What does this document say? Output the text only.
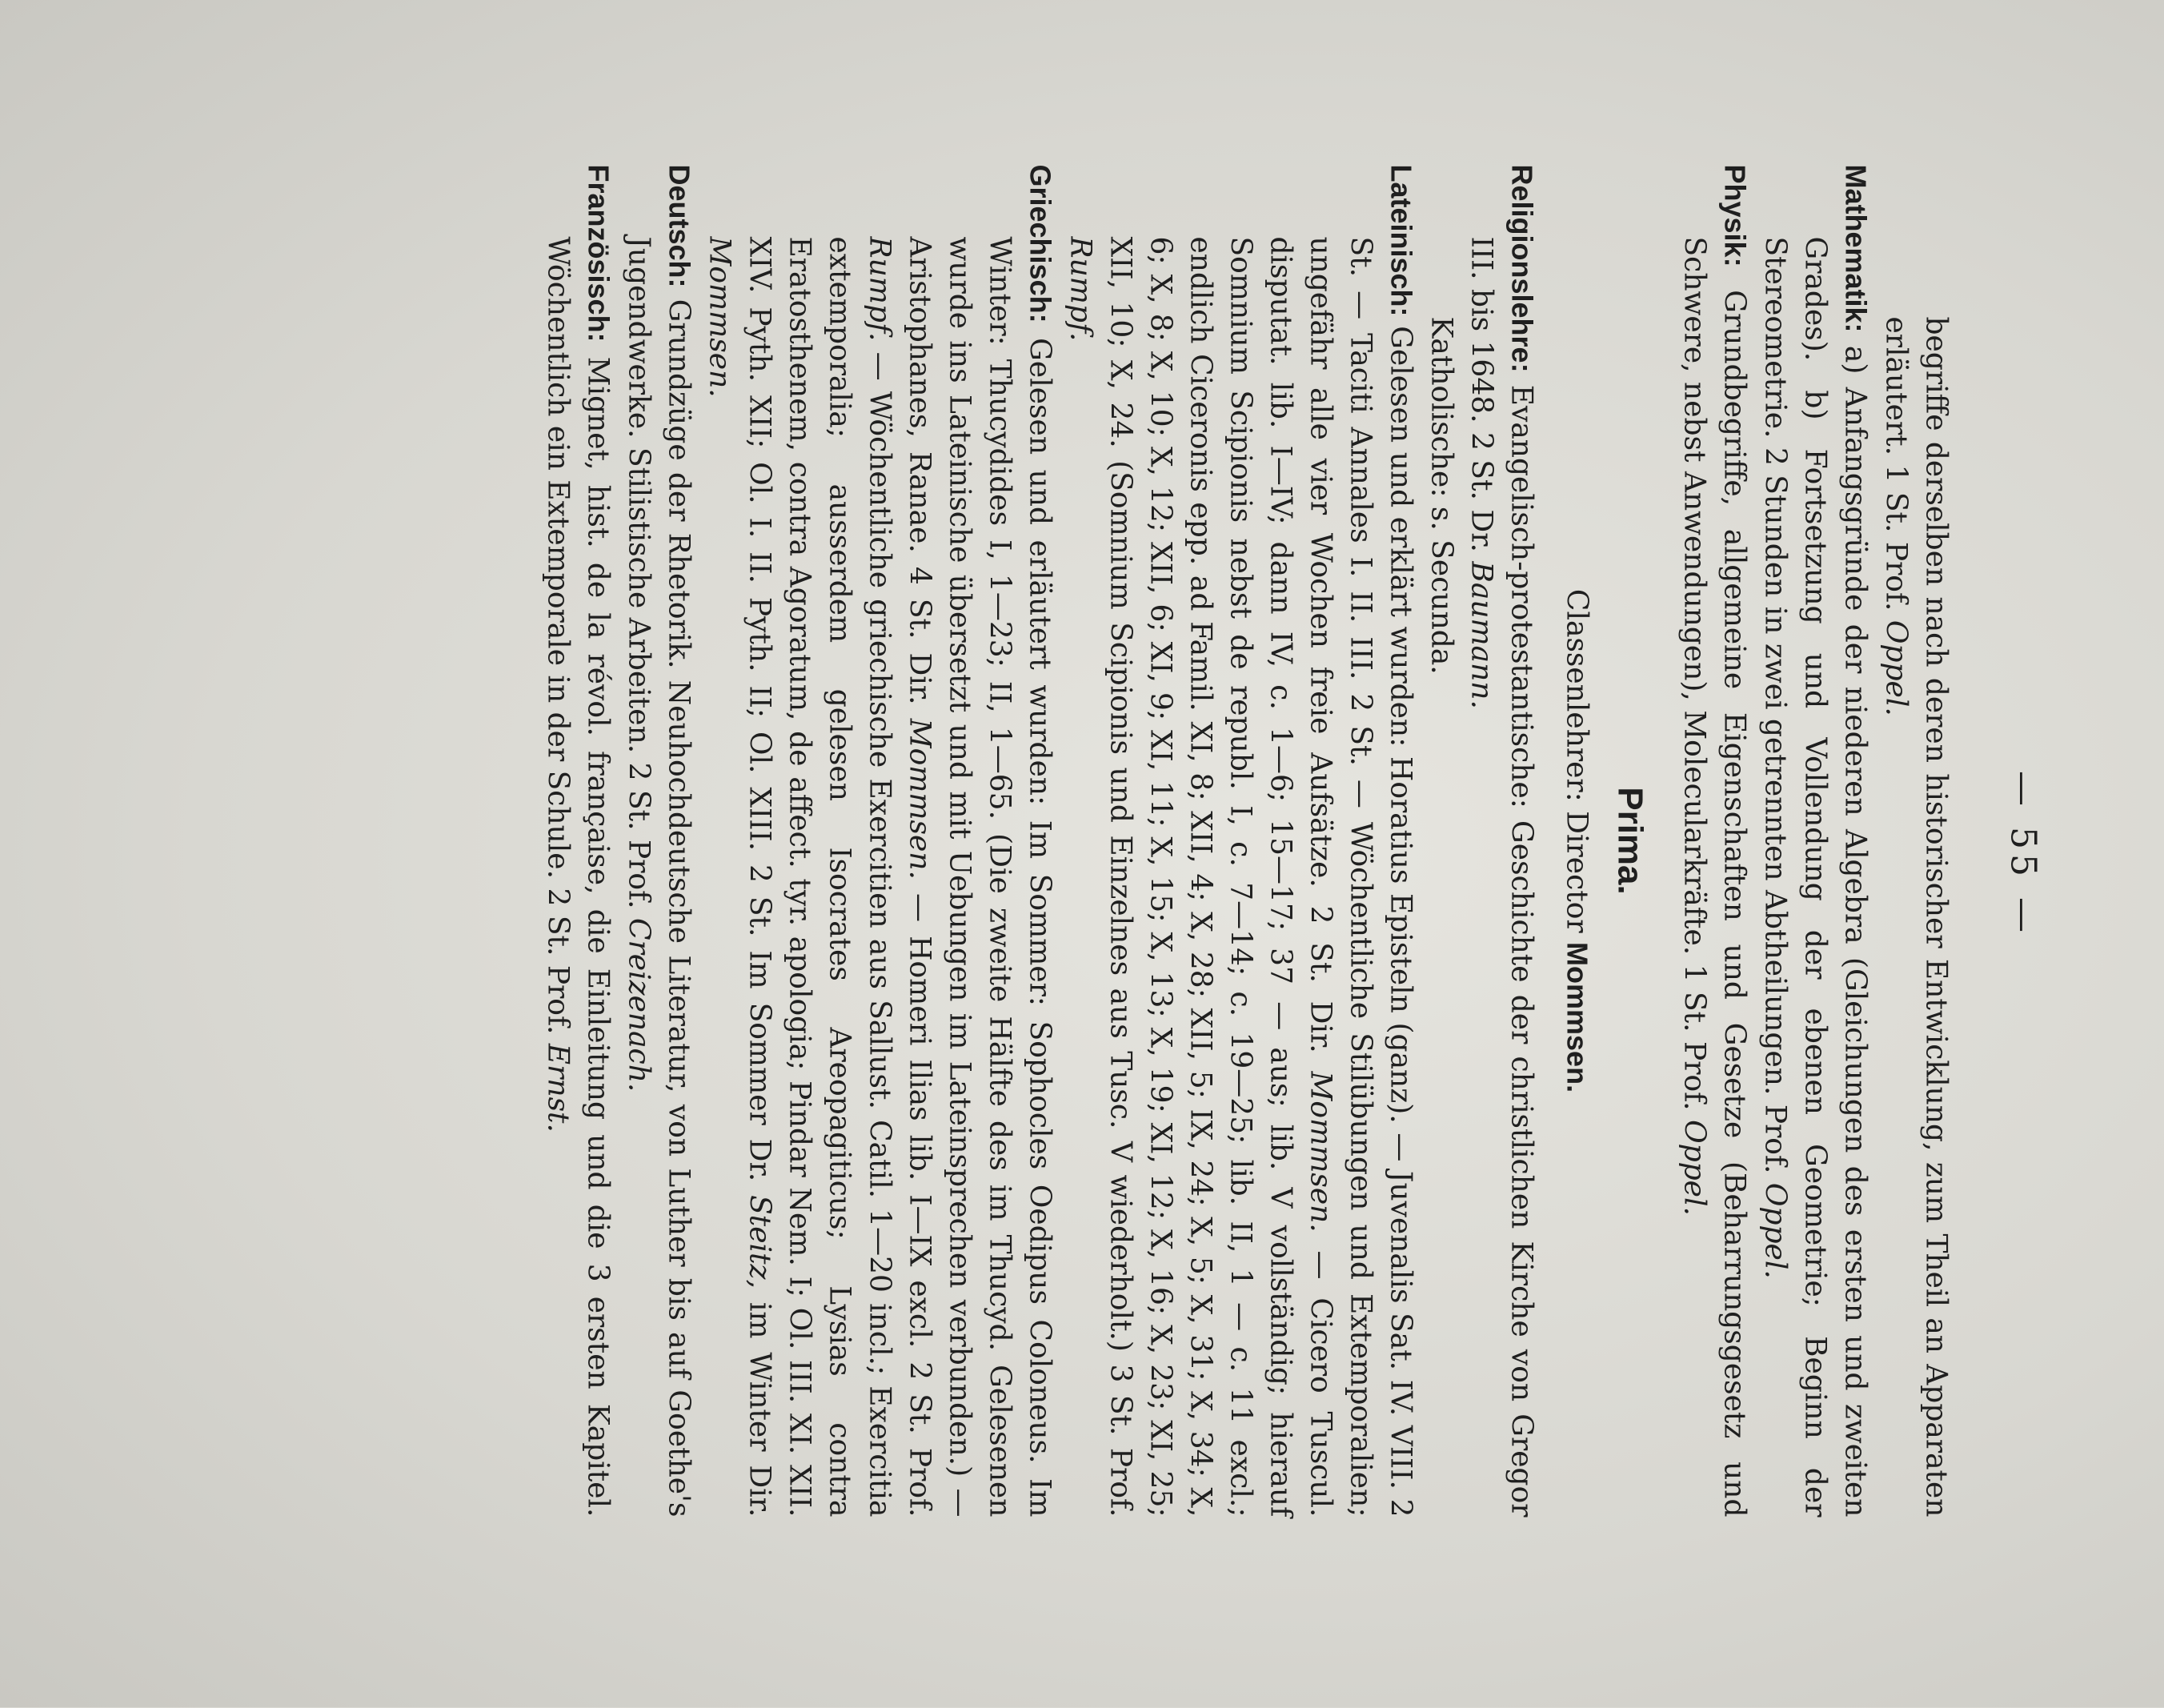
— 55 —

begriffe derselben nach deren historischer Entwicklung, zum Theil an Apparaten erläutert. 1 St. Prof. Oppel.

Mathematik: a) Anfangsgründe der niederen Algebra (Gleichungen des ersten und zweiten Grades). b) Fortsetzung und Vollendung der ebenen Geometrie; Beginn der Stereometrie. 2 Stunden in zwei getrennten Abtheilungen. Prof. Oppel.

Physik: Grundbegriffe, allgemeine Eigenschaften und Gesetze (Beharrungsgesetz und Schwere, nebst Anwendungen), Molecularkräfte. 1 St. Prof. Oppel.

Prima.
Classenlehrer: Director Mommsen.

Religionslehre: Evangelisch-protestantische: Geschichte der christlichen Kirche von Gregor III. bis 1648. 2 St. Dr. Baumann.

Katholische: s. Secunda.

Lateinisch: Gelesen und erklärt wurden: Horatius Episteln (ganz). — Juvenalis Sat. IV. VIII. 2 St. — Taciti Annales I. II. III. 2 St. — Wöchentliche Stilübungen und Extemporalien; ungefähr alle vier Wochen freie Aufsätze. 2 St. Dir. Mommsen. — Cicero Tuscul. disputat. lib. I—IV; dann IV, c. 1—6; 15—17; 37 — aus; lib. V vollständig; hierauf Somnium Scipionis nebst de republ. I, c. 7—14; c. 19—25; lib. II, 1 — c. 11 excl.; endlich Ciceronis epp. ad Famil. XI, 8; XII, 4; X, 28; XII, 5; IX, 24; X, 5; X, 31; X, 34; X, 6; X, 8; X, 10; X, 12; XII, 6; XI, 9; XI, 11; X, 15; X, 13; X, 19; XI, 12; X, 16; X, 23; XI, 25; XII, 10; X, 24. (Somnium Scipionis und Einzelnes aus Tusc. V wiederholt.) 3 St. Prof. Rumpf.

Griechisch: Gelesen und erläutert wurden: Im Sommer: Sophocles Oedipus Coloneus. Im Winter: Thucydides I, 1—23; II, 1—65. (Die zweite Hälfte des im Thucyd. Gelesenen wurde ins Lateinische übersetzt und mit Uebungen im Lateinsprechen verbunden.) — Aristophanes, Ranae. 4 St. Dir. Mommsen. — Homeri Ilias lib. I—IX excl. 2 St. Prof. Rumpf. — Wöchentliche griechische Exercitien aus Sallust. Catil. 1—20 incl.; Exercitia extemporalia; ausserdem gelesen Isocrates Areopagiticus; Lysias contra Eratosthenem, contra Agoratum, de affect. tyr. apologia; Pindar Nem. I; Ol. III. XI. XII. XIV. Pyth. XII; Ol. I. II. Pyth. II; Ol. XIII. 2 St. Im Sommer Dr. Steitz, im Winter Dir. Mommsen.

Deutsch: Grundzüge der Rhetorik. Neuhochdeutsche Literatur, von Luther bis auf Goethe's Jugendwerke. Stilistische Arbeiten. 2 St. Prof. Creizenach.

Französisch: Mignet, hist. de la révol. française, die Einleitung und die 3 ersten Kapitel. Wöchentlich ein Extemporale in der Schule. 2 St. Prof. Ernst.
